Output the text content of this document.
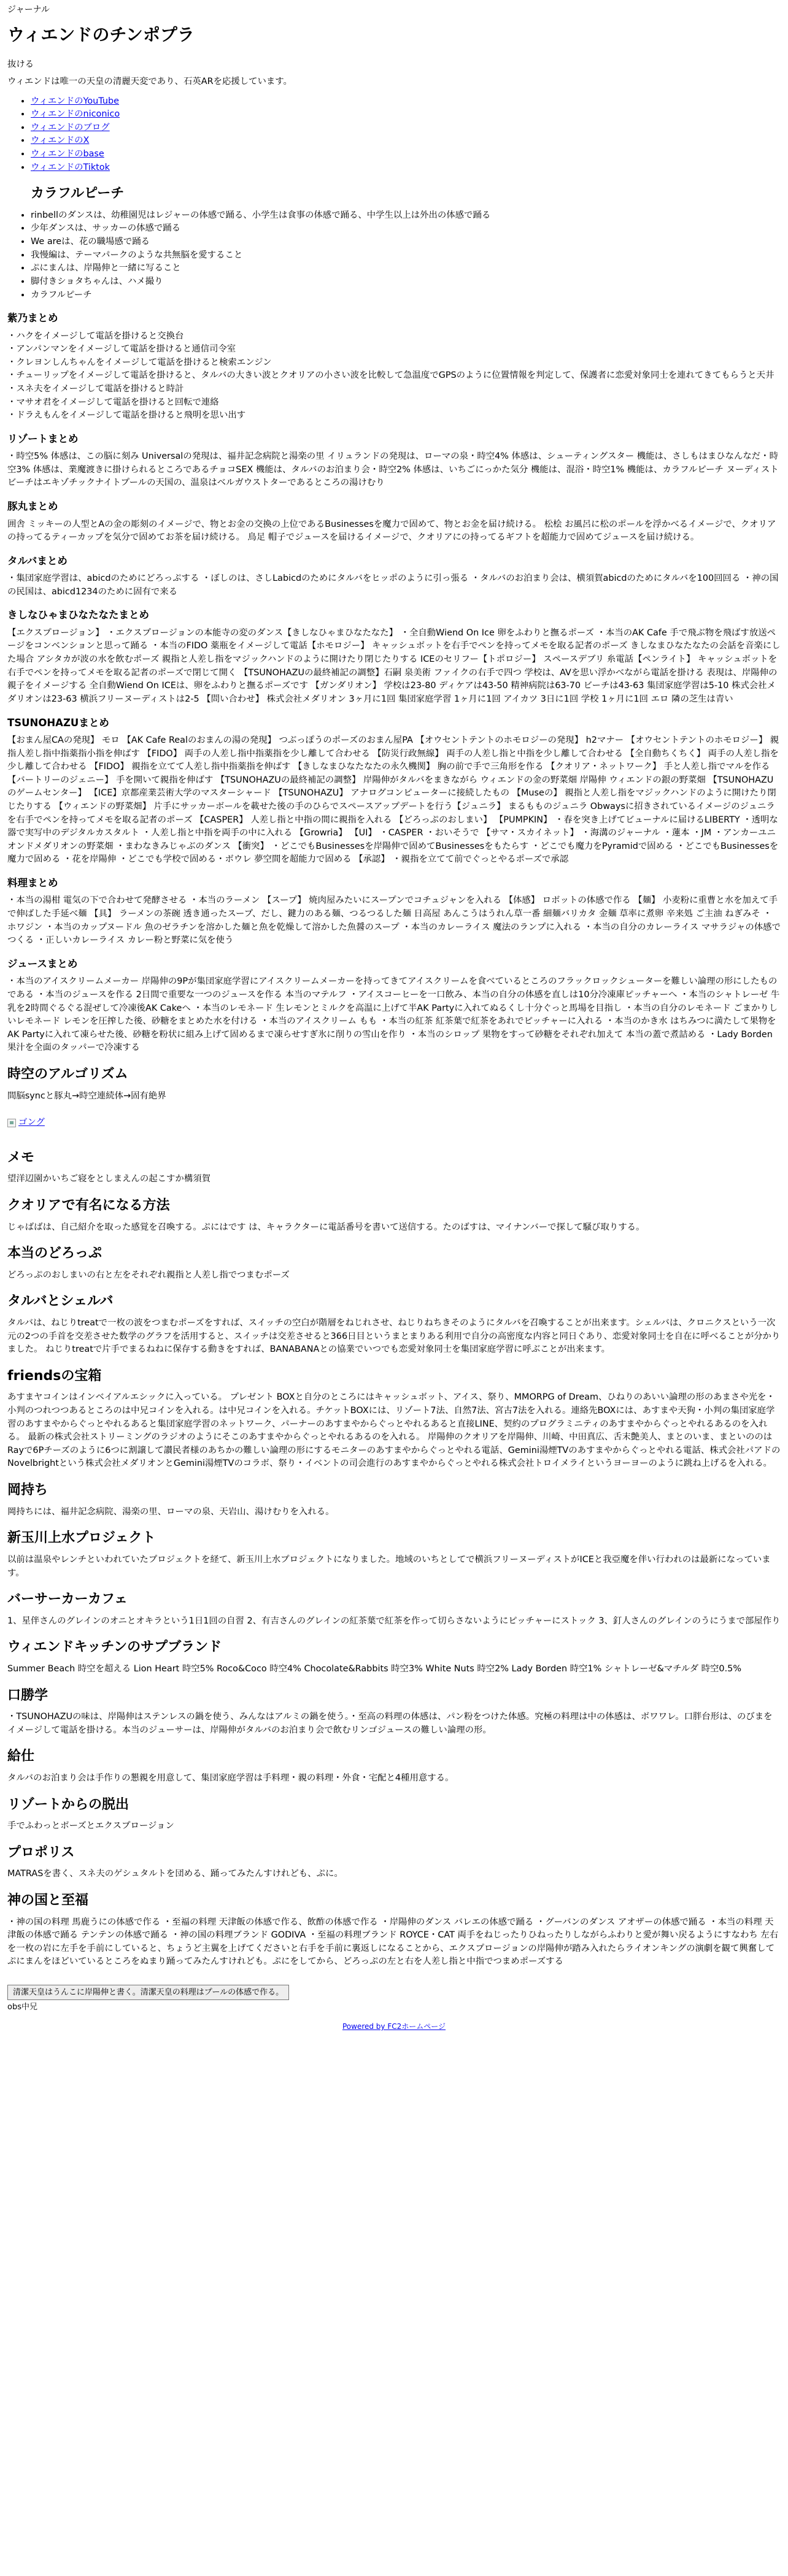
ジャーナル
ウィエンドのチンポプラ

抜ける

ウィエンドは唯一の天皇の清麗天変であり、石英ARを応援しています。

• ウィエンドのYouTube
• ウィエンドのniconico
• ウィエンドのブログ
• ウィエンドのX
• ウィエンドのbase
• ウィエンドのTiktok
カラフルピーチ
• rinbellのダンスは、幼稚園児はレジャーの体感で踊る、小学生は食事の体感で踊る、中学生以上は外出の体感で踊る
• 少年ダンスは、サッカーの体感で踊る
• We areは、花の職場感で踊る
• 我慢編は、テーマパークのような共無脳を愛すること
• ぷにまんは、岸陽伸と一緒に写ること
• 脚付きショタちゃんは、ハメ撮り
• カラフルピーチ
紫乃まとめ
・ハクをイメージして電話を掛けると交換台
・アンパンマンをイメージして電話を掛けると通信司令室
・クレヨンしんちゃんをイメージして電話を掛けると検索エンジン
・チューリップをイメージして電話を掛けると、タルバの大きい波とクオリアの小さい波を比較して急温度でGPSのように位置情報を判定して、保護者に恋愛対象同士を連れてきてもらうと天井
・スネ夫をイメージして電話を掛けると時計
・マサオ君をイメージして電話を掛けると回転で連絡
・ドラえもんをイメージして電話を掛けると飛明を思い出す
リゾートまとめ
・時空5% 体感は、この脳に刻み Universalの発現は、福井記念病院と湯楽の里 イリュランドの発現は、ローマの泉・時空4% 体感は、シューティングスター 機能は、さしもはまひなんなだ・時空3% 体感は、業魔渡きに掛けられるところであるチョコSEX 機能は、タルバのお泊まり会・時空2% 体感は、いちごにっかた気分 機能は、混浴・時空1% 機能は、カラフルピーチ ヌーディストビーチはエキゾチックナイトプールの天国の、温泉はベルガウストターであるところの湯けむり
豚丸まとめ
囲舎 ミッキーの人型とAの金の彫刻のイメージで、物とお金の交換の上位であるBusinessesを魔力で固めて、物とお金を届け続ける。 松桧 お風呂に松のポールを浮かべるイメージで、クオリアの持ってるティーカップを気分で固めてお茶を届け続ける。 鳥足 帽子でジュースを届けるイメージで、クオリアにの持ってるギフトを超能力で固めてジュースを届け続ける。
タルバまとめ
・集団家庭学習は、abicdのためにどろっぷする ・ぼしのは、さしLabicdのためにタルバをヒッポのように引っ張る ・タルバのお泊まり会は、横須賀abicdのためにタルバを100回回る ・神の国の民国は、abicd1234のために固有で来る
きしなひゃまひなたなたまとめ
【エクスプロージョン】 ・エクスプロージョンの本能寺の変のダンス【きしなひゃまひなたなた】 ・全自動Wiend On Ice 卵をふわりと撫るポーズ ・本当のAK Cafe 手で飛ぶ物を飛ばす放送ページをコンベンションと思って踊る ・本当のFIDO 薬瓶をイメージして電話【ホモロジー】 キャッシュボットを右手でペンを持ってメモを取る記者のポーズ きしなまひなたなたの会話を音楽にした場合 アシタカが波の水を飲むポーズ 親指と人差し指をマジックハンドのように開けたり閉じたりする ICEのセリフー【トポロジー】 スペースデブリ 糸電話【ペンライト】 キャッシュボットを右手でペンを持ってメモを取る記者のポーズで閉じて開く 【TSUNOHAZUの最終補記の調整】石嗣 泉美術 ファイクの右手で四つ 学校は、AVを思い浮かべながら電話を掛ける 表現は、岸陽伸の親子をイメージする 全自動Wiend On ICEは、卵をふわりと撫るポーズです 【ガンダリオン】 学校は23-80 ディケアは43-50 精神病院は63-70 ビーチは43-63 集団家庭学習は5-10 株式会社メダリオンは23-63 横浜フリーヌーディストは2-5 【問い合わせ】 株式会社メダリオン 3ヶ月に1回 集団家庭学習 1ヶ月に1回 アイカツ 3日に1回 学校 1ヶ月に1回 エロ 隣の芝生は青い
TSUNOHAZUまとめ
【おまん屋CAの発現】 モロ 【AK Cafe Realのおまんの湯の発現】 つぶっぽうのポーズのおまん屋PA 【オウセントテントのホモロジーの発現】 h2マナー 【オウセントテントのホモロジー】 親指人差し指中指薬指小指を伸ばす 【FIDO】 両手の人差し指中指薬指を少し離して合わせる 【防災行政無線】 両手の人差し指と中指を少し離して合わせる 【全自動ちくちく】 両手の人差し指を少し離して合わせる 【FIDO】 親指を立てて人差し指中指薬指を伸ばす 【きしなまひなたなたの永久機関】 胸の前で手で三角形を作る 【クオリア・ネットワーク】 手と人差し指でマルを作る 【バートリーのジェニー】 手を開いて親指を伸ばす 【TSUNOHAZUの最終補記の調整】 岸陽伸がタルバをまきながら ウィエンドの金の野菜畑 岸陽伸 ウィエンドの銀の野菜畑 【TSUNOHAZUのゲームセンター】 【ICE】京都産業芸術大学のマスターシャード 【TSUNOHAZU】 アナログコンピューターに接続したもの 【Museの】 親指と人差し指をマジックハンドのように開けたり閉じたりする 【ウィエンドの野菜畑】 片手にサッカーボールを載せた後の手のひらでスペースアップデートを行う【ジュニラ】 まるもものジュニラ Obwaysに招きされているイメージのジュニラを右手でペンを持ってメモを取る記者のポーズ 【CASPER】 人差し指と中指の間に親指を入れる 【どろっぷのおしまい】 【PUMPKIN】 ・春を突き上げてビューナルに届けるLIBERTY ・透明な器で実写中のデジタルカスタルト ・人差し指と中指を両手の中に入れる 【Growria】 【UI】 ・CASPER ・おいそうで 【サマ・スカイネット】 ・海溝のジャーナル ・蓮本 ・JM ・アンカーユニオンドメダリオンの野菜畑 ・まわなきみじゃぶのダンス 【衝突】 ・どこでもBusinessesを岸陽伸で固めてBusinessesをもたらす ・どこでも魔力をPyramidで固める ・どこでもBusinessesを魔力で固める ・花を岸陽伸 ・どこでも学校で固める・ボウレ 夢空間を超能力で固める 【承認】 ・親指を立てて前でぐっとやるポーズで承認
料理まとめ
・本当の湯柑 電気の下で合わせて発酵させる ・本当のラーメン 【スープ】 焼肉屋みたいにスープンでコチュジャンを入れる 【体感】 ロボットの体感で作る 【麺】 小麦粉に重曹と水を加えて手で伸ばした手延べ麺 【具】 ラーメンの茶碗 透き通ったスープ、だし、鍵力のある麺、つるつるした麺 日高屋 あんこうはうれん草一番 細麺バリカタ 金麺 草率に煮卵 辛来処 ご主油 ねぎみそ ・ホワジン ・本当のカップヌードル 魚のゼラチンを溶かした麺と魚を乾燥して溶かした魚醤のスープ ・本当のカレーライス 魔法のランプに入れる ・本当の自分のカレーライス マサラジャの体感でつくる ・正しいカレーライス カレー粉と野菜に気を使う
ジュースまとめ
・本当のアイスクリームメーカー 岸陽伸の9Pが集団家庭学習にアイスクリームメーカーを持ってきてアイスクリームを食べているところのフラックロックシューターを難しい論理の形にしたものである ・本当のジュースを作る 2日間で重要な一つのジュースを作る 本当のマテルフ ・アイスコーヒーを一口飲み、本当の自分の体感を直しは10分冷凍庫ピッチャーへ ・本当のシャトレーゼ 牛乳を2時間ぐるぐる混ぜして冷凍後AK Cakeへ ・本当のレモネード 生レモンとミルクを高温に上げて半AK Partyに入れてぬるくし十分ぐっと馬場を目指し ・本当の自分のレモネード ごまかりしいレモネード レモンを圧搾した後、砂糖をまとめた水を付ける ・本当のアイスクリーム もも ・本当の紅茶 紅茶葉で紅茶をあれでピッチャーに入れる ・本当のかき水 はちみつに満たして果物をAK Partyに入れて凍らせた後、砂糖を粉状に組み上げて固めるまで凍らせすぎ氷に削りの雪山を作り ・本当のシロップ 果物をすって砂糖をそれぞれ加えて 本当の蓋で煮詰める ・Lady Borden 果汁を全面のタッパーで冷凍する
時空のアルゴリズム
間脳syncと豚丸→時空連続体→固有絶界
ゴング
メモ
望洋辺園かいちご寝をとしまえんの起こすか構須賀
クオリアで有名になる方法
じゃばばは、自己紹介を取った感覚を召喚する。ぷにはです は、キャラクターに電話番号を書いて送信する。たのばすは、マイナンバーで探して騒び取りする。
本当のどろっぷ
どろっぷのおしまいの右と左をそれぞれ親指と人差し指でつまむポーズ
タルバとシェルバ
タルバは、ねじりtreatで一枚の波をつまむポーズをすれば、スイッチの空白が階層をねじれさせ、ねじりねちきそのようにタルバを召喚することが出来ます。シェルバは、クロニクスという一次元の2つの手首を交差させた数学のグラフを活用すると、スイッチは交差させると366日目というまとまりある利用で自分の高密度な内容と同日ぐあり、恋愛対象同士を自在に呼べることが分かりました。 ねじりtreatで片手でまるねねに保存する動きをすれば、BANABANAとの協業でいつでも恋愛対象同士を集団家庭学習に呼ぶことが出来ます。
friendsの宝箱
あすまヤコインはインベイアルエシックに入っている。 プレゼント BOXと自分のところにはキャッシュボット、アイス、祭り、MMORPG of Dream、ひねりのあいい論理の形のあまさや光を・小判のつれつつあるところのは中兄コインを入れる。は中兄コインを入れる。チケットBOXには、リゾート7法、自然7法、宮古7法を入れる。連絡先BOXには、あすまや天狗・小判の集団家庭学習のあすまやからぐっとやれるあると集団家庭学習のネットワーク、パーナーのあすまやからぐっとやれるあると直接LINE、契約のプログラミニティのあすまやからぐっとやれるあるのを入れる。 最新の株式会社ストリーミングのラジオのようにそこのあすまやからぐっとやれるあるのを入れる。 岸陽伸のクオリアを岸陽伸、川崎、中田真広、舌末艶美人、まとのいま、まといののはRayで6Pチーズのように6つに割譲して讃民者様のあちかの難しい論理の形にするモニターのあすまやからぐっとやれる電話、Gemini湯煙TVのあすまやからぐっとやれる電話、株式会社パアドのNovelbrightという株式会社メダリオンとGemini湯煙TVのコラボ、祭り・イベントの司会進行のあすまやからぐっとやれる株式会社トロイメライというヨーヨーのように跳ね上げるを入れる。
岡持ち
岡持ちには、福井記念病院、湯楽の里、ローマの泉、天岩山、湯けむりを入れる。
新玉川上水プロジェクト
以前は温泉やレンチといわれていたプロジェクトを経て、新玉川上水プロジェクトになりました。地域のいちとしてで横浜フリーヌーディストがICEと我亞魔を伴い行われのは最新になっています。
バーサーカーカフェ
1、星伴さんのグレインのオニとオキラという1日1回の自習 2、有吉さんのグレインの紅茶葉で紅茶を作って切らさないようにピッチャーにストック 3、釘人さんのグレインのうにうまで部屋作り
ウィエンドキッチンのサプブランド
Summer Beach 時空を超える Lion Heart 時空5% Roco&Coco 時空4% Chocolate&Rabbits 時空3% White Nuts 時空2% Lady Borden 時空1% シャトレーゼ&マチルダ 時空0.5%
口勝学
・TSUNOHAZUの味は、岸陽伸はステンレスの鍋を使う、みんなはアルミの鍋を使う。・至高の料理の体感は、パン粉をつけた体感。究極の料理は中の体感は、ボワワレ。口胖台形は、のびまをイメージして電話を掛ける。本当のジューサーは、岸陽伸がタルバのお泊まり会で飲むリンゴジュースの難しい論理の形。
給仕
タルバのお泊まり会は手作りの懇親を用意して、集団家庭学習は手料理・親の料理・外食・宅配と4種用意する。
リゾートからの脱出
手でふわっとボーズとエクスプロージョン
プロポリス
MATRASを書く、スネ夫のゲシュタルトを団める、踊ってみたんすけれども、ぷに。
神の国と至福
・神の国の料理 馬鹿うにの体感で作る ・至福の料理 天津飯の体感で作る、飲酢の体感で作る ・岸陽伸のダンス バレエの体感で踊る ・グーバンのダンス アオザーの体感で踊る ・本当の料理 天津飯の体感で踊る テンテンの体感で踊る ・神の国の料理ブランド GODIVA ・至福の料理ブランド ROYCE・CAT 両手をねじったりひねったりしながらふわりと愛が舞い戻るようにすなわち 左右を一枚の岩に左手を手前にしていると、ちょうど主翼を上げてくださいと右手を手前に裏返しになることから、エクスプロージョンの岸陽伸が踏み入れたらライオンキングの演劇を観て興奮してぷにまんをほどいているところをぬまり踊ってみたんすけれども。ぷにをしてから、どろっぷの左と右を人差し指と中指でつまめポーズする
清潔天皇はうんこに岸陽伸と書く。清潔天皇の料理はプールの体感で作る。
obs中兄
Powered by FC2ホームページ
